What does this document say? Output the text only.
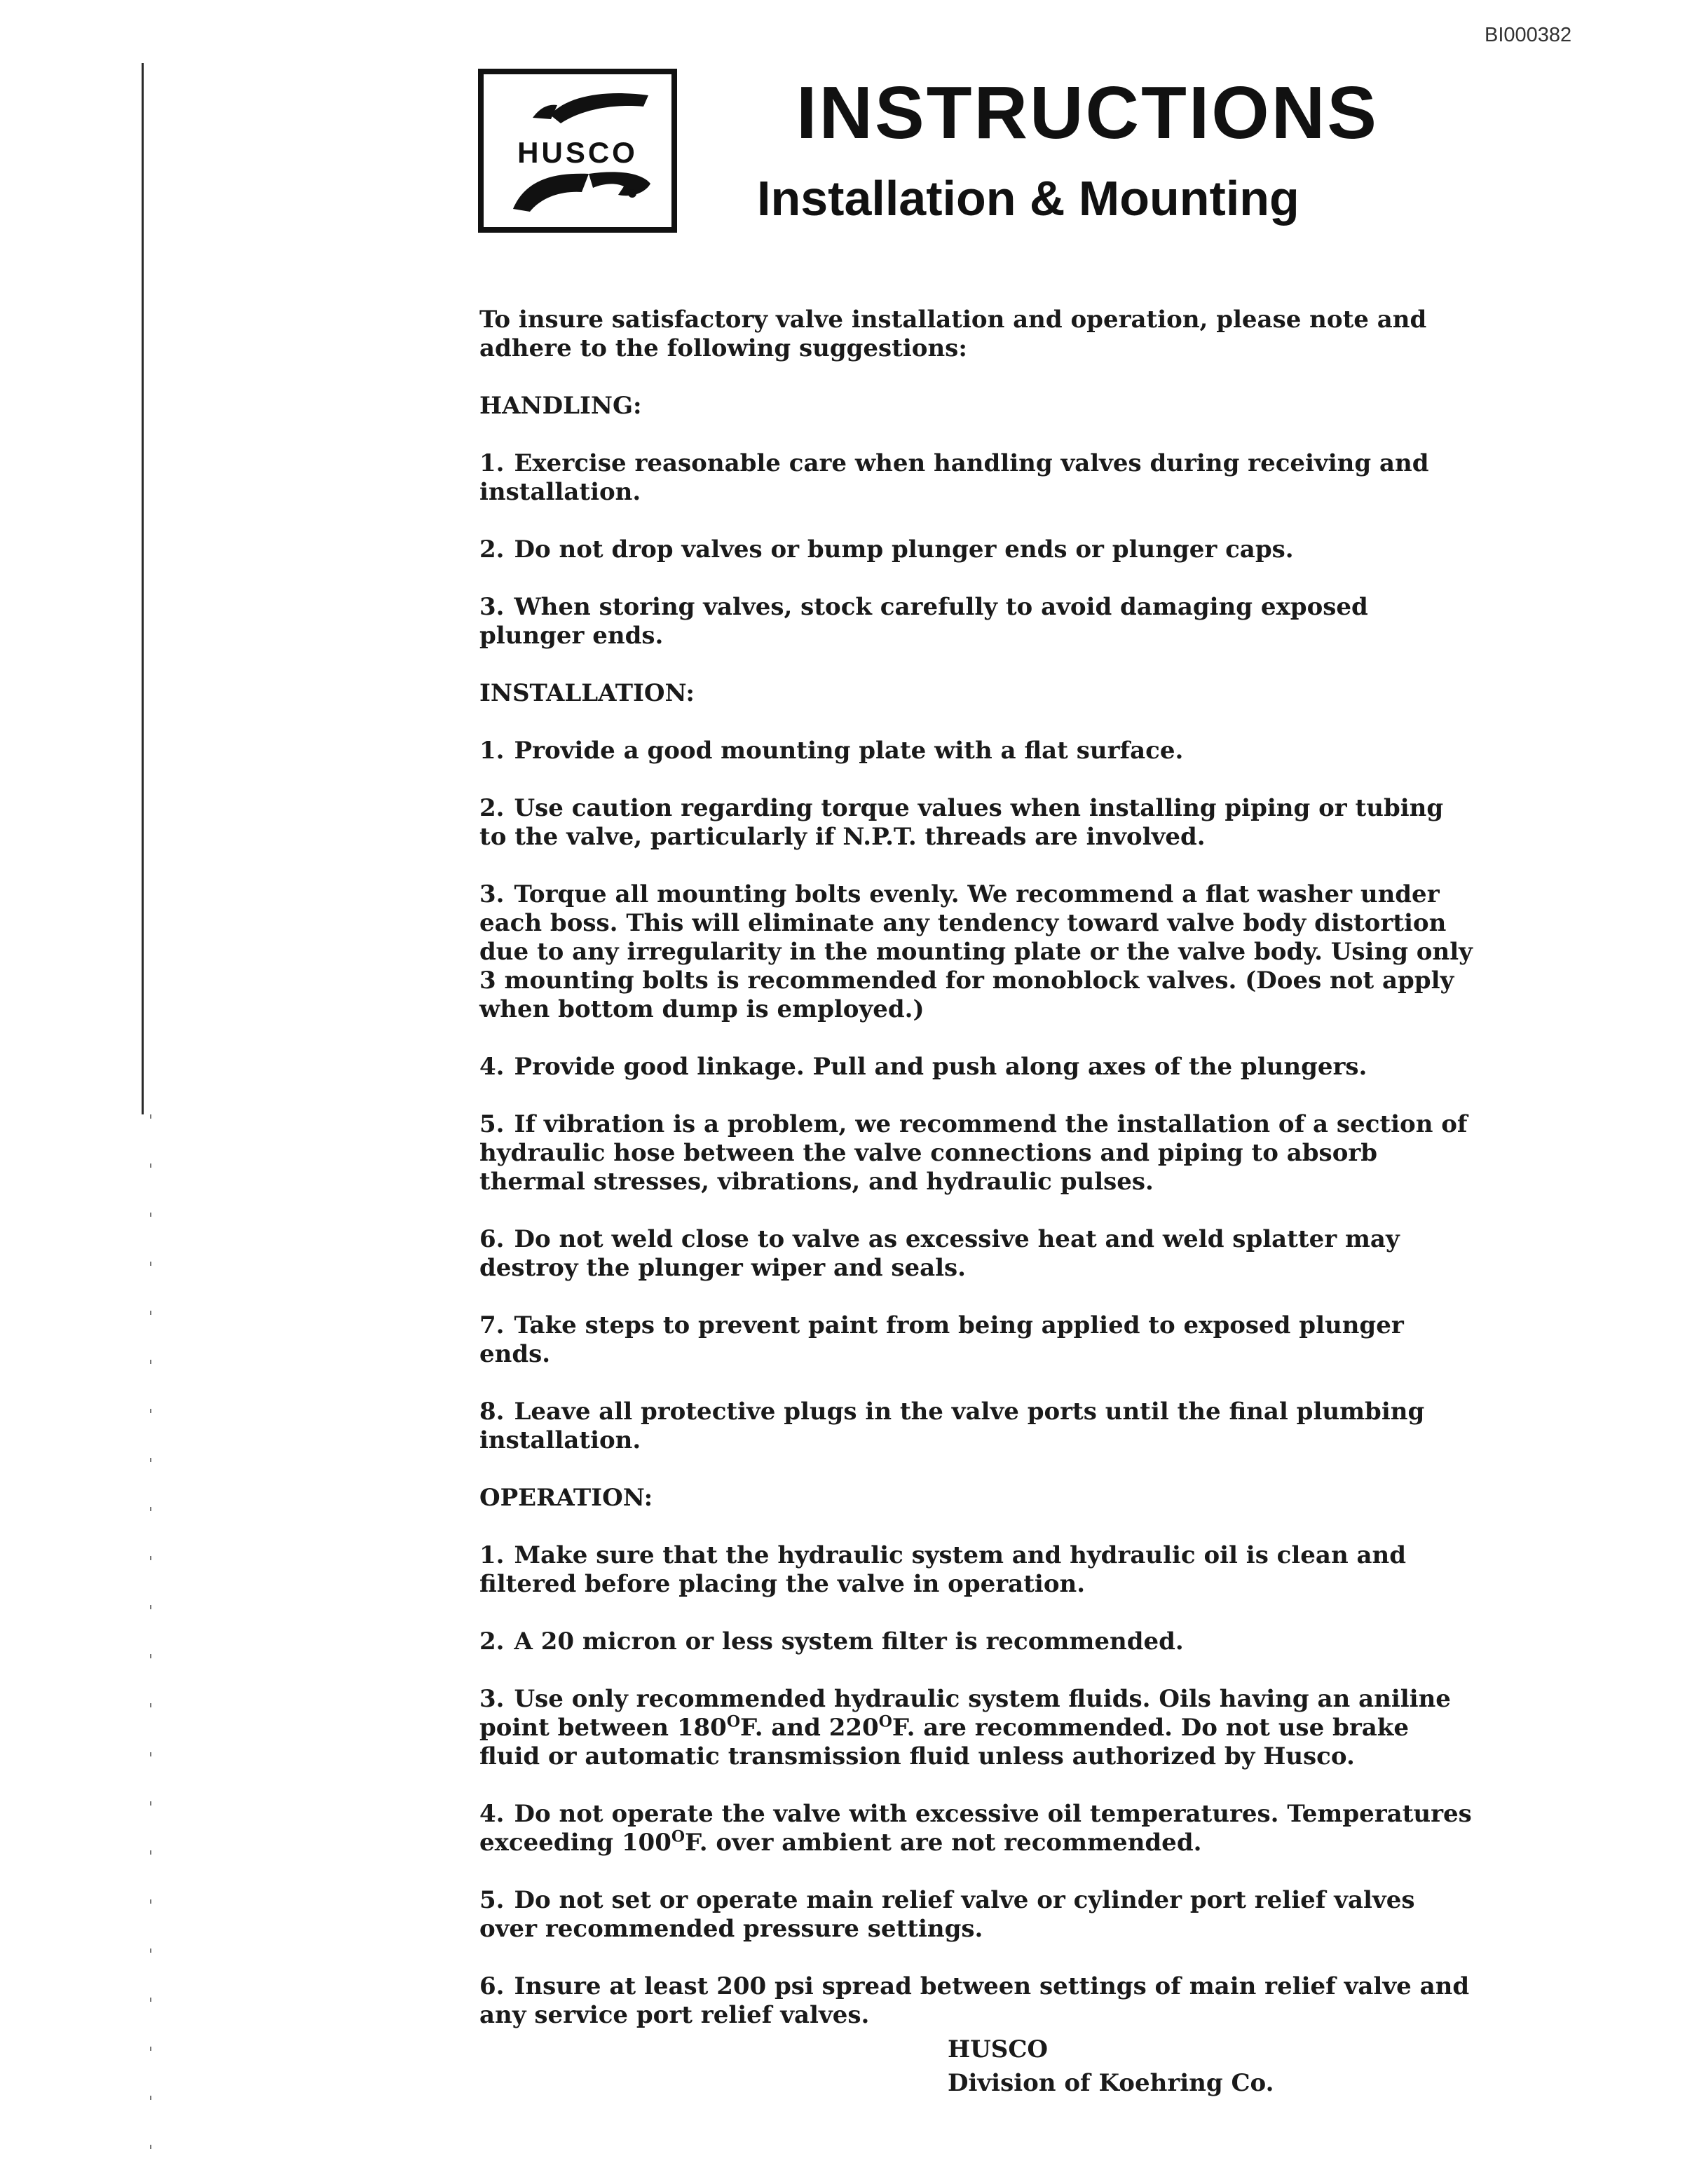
BI000382
HUSCO	INSTRUCTIONS
Installation & Mounting

To insure satisfactory valve installation and operation, please note and adhere to the following suggestions:

HANDLING:

1. Exercise reasonable care when handling valves during receiving and installation.
2. Do not drop valves or bump plunger ends or plunger caps.
3. When storing valves, stock carefully to avoid damaging exposed plunger ends.

INSTALLATION:

1. Provide a good mounting plate with a flat surface.
2. Use caution regarding torque values when installing piping or tubing to the valve, particularly if N.P.T. threads are involved.
3. Torque all mounting bolts evenly. We recommend a flat washer under each boss. This will eliminate any tendency toward valve body distortion due to any irregularity in the mounting plate or the valve body. Using only 3 mounting bolts is recommended for monoblock valves. (Does not apply when bottom dump is employed.)
4. Provide good linkage. Pull and push along axes of the plungers.
5. If vibration is a problem, we recommend the installation of a section of hydraulic hose between the valve connections and piping to absorb thermal stresses, vibrations, and hydraulic pulses.
6. Do not weld close to valve as excessive heat and weld splatter may destroy the plunger wiper and seals.
7. Take steps to prevent paint from being applied to exposed plunger ends.
8. Leave all protective plugs in the valve ports until the final plumbing installation.

OPERATION:

1. Make sure that the hydraulic system and hydraulic oil is clean and filtered before placing the valve in operation.
2. A 20 micron or less system filter is recommended.
3. Use only recommended hydraulic system fluids. Oils having an aniline point between $180^OF$. and $220^OF$. are recommended. Do not use brake fluid or automatic transmission fluid unless authorized by Husco.
4. Do not operate the valve with excessive oil temperatures. Temperatures exceeding $100^OF$. over ambient are not recommended.
5. Do not set or operate main relief valve or cylinder port relief valves over recommended pressure settings.
6. Insure at least 200 psi spread between settings of main relief valve and any service port relief valves.
HUSCO
Division of Koehring Co.
